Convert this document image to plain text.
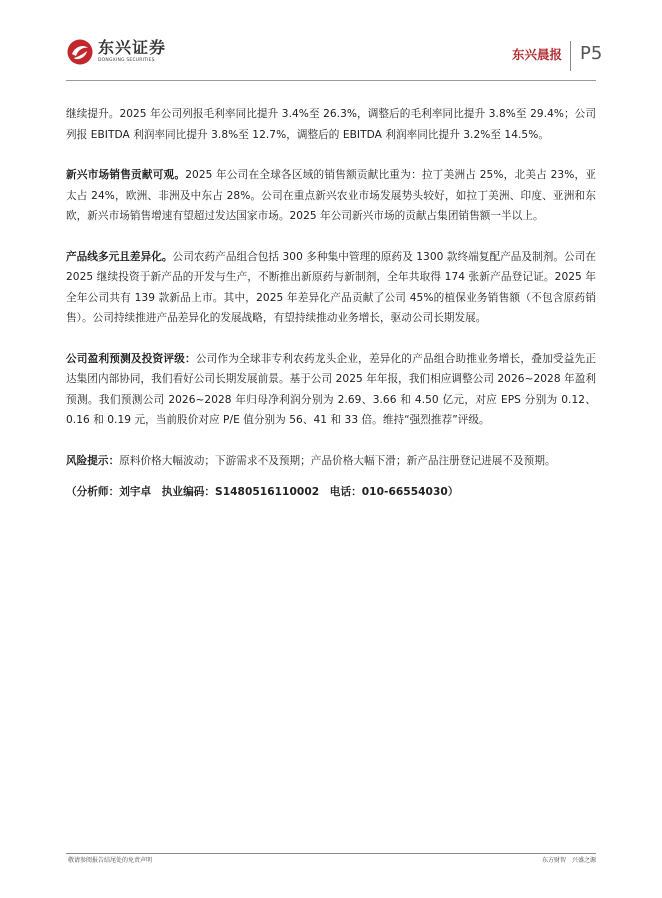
东兴证券
DONGXING SECURITIES	东兴晨报 P5

继续提升。2025 年公司列报毛利率同比提升 3.4%至 26.3%，调整后的毛利率同比提升 3.8%至 29.4%；公司列报 EBITDA 利润率同比提升 3.8%至 12.7%，调整后的 EBITDA 利润率同比提升 3.2%至 14.5%。

新兴市场销售贡献可观。2025 年公司在全球各区域的销售额贡献比重为：拉丁美洲占 25%，北美占 23%，亚太占 24%，欧洲、非洲及中东占 28%。公司在重点新兴农业市场发展势头较好，如拉丁美洲、印度、亚洲和东欧，新兴市场销售增速有望超过发达国家市场。2025 年公司新兴市场的贡献占集团销售额一半以上。

产品线多元且差异化。公司农药产品组合包括 300 多种集中管理的原药及 1300 款终端复配产品及制剂。公司在 2025 继续投资于新产品的开发与生产，不断推出新原药与新制剂，全年共取得 174 张新产品登记证。2025 年全年公司共有 139 款新品上市。其中，2025 年差异化产品贡献了公司 45%的植保业务销售额（不包含原药销售）。公司持续推进产品差异化的发展战略，有望持续推动业务增长，驱动公司长期发展。

公司盈利预测及投资评级：公司作为全球非专利农药龙头企业，差异化的产品组合助推业务增长，叠加受益先正达集团内部协同，我们看好公司长期发展前景。基于公司 2025 年年报，我们相应调整公司 2026~2028 年盈利预测。我们预测公司 2026~2028 年归母净利润分别为 2.69、3.66 和 4.50 亿元，对应 EPS 分别为 0.12、0.16 和 0.19 元，当前股价对应 P/E 值分别为 56、41 和 33 倍。维持“强烈推荐”评级。

风险提示：原料价格大幅波动；下游需求不及预期；产品价格大幅下滑；新产品注册登记进展不及预期。

（分析师：刘宇卓　执业编码：S1480516110002　电话：010-66554030）

敬请参阅报告结尾处的免责声明	东方财智　兴盛之源
